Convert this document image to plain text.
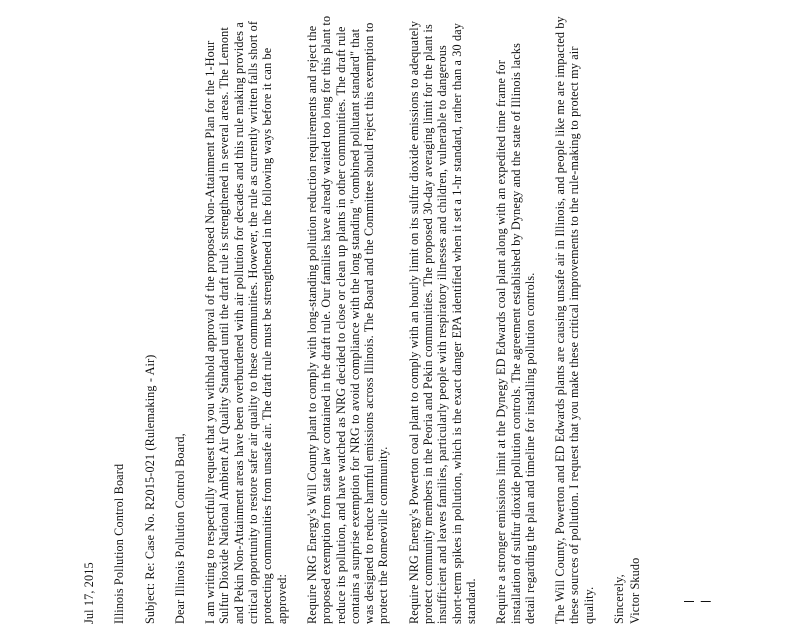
Jul 17, 2015 Illinois Pollution Control Board Subject: Re: Case No. R2015-021 (Rulemaking - Air) Dear Illinois Pollution Control Board, I am writing to respectfully request that you withhold approval of the proposed Non-Attainment Plan for the 1-Hour Sulfur Dioxide National Ambient Air Quality Standard until the draft rule is strengthened in several areas. The Lemont and Pekin Non-Attainment areas have been overburdened with air pollution for decades and this rule making provides a critical opportunity to restore safer air quality to these communities. However, the rule as currently written falls short of protecting communities from unsafe air. The draft rule must be strengthened in the following ways before it can be approved: Require NRG Energy's Will County plant to comply with long-standing pollution reduction requirements and reject the proposed exemption from state law contained in the draft rule. Our families have already waited too long for this plant to reduce its pollution, and have watched as NRG decided to close or clean up plants in other communities. The draft rule contains a surprise exemption for NRG to avoid compliance with the long standing "combined pollutant standard" that was designed to reduce harmful emissions across Illinois. The Board and the Committee should reject this exemption to protect the Romeoville community. Require NRG Energy's Powerton coal plant to comply with an hourly limit on its sulfur dioxide emissions to adequately protect community members in the Peoria and Pekin communities. The proposed 30-day averaging limit for the plant is insufficient and leaves families, particularly people with respiratory illnesses and children, vulnerable to dangerous short-term spikes in pollution, which is the exact danger EPA identified when it set a 1-hr standard, rather than a 30 day standard. Require a stronger emissions limit at the Dynegy ED Edwards coal plant along with an expedited time frame for installation of sulfur dioxide pollution controls. The agreement established by Dynegy and the state of Illinois lacks detail regarding the plan and timeline for installing pollution controls. The Will County, Powerton and ED Edwards plants are causing unsafe air in Illinois, and people like me are impacted by these sources of pollution. I request that you make these critical improvements to the rule-making to protect my air quality. Sincerely, Victor Skudo	— —
